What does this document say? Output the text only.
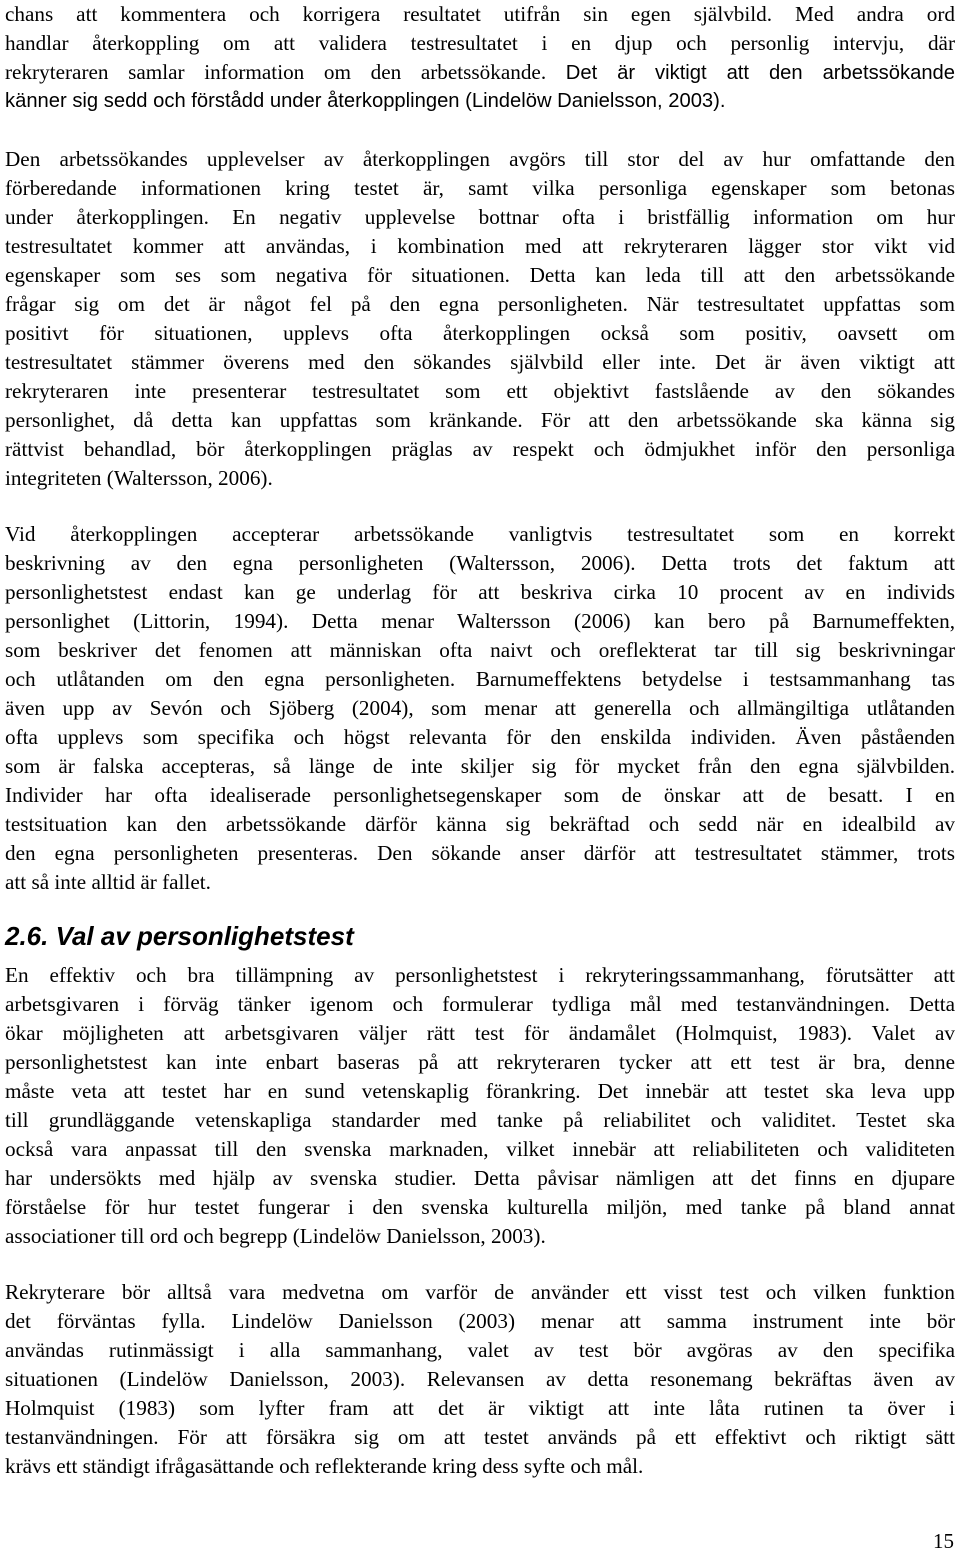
chans att kommentera och korrigera resultatet utifrån sin egen självbild. Med andra ord
handlar återkoppling om att validera testresultatet i en djup och personlig intervju, där
rekryteraren samlar information om den arbetssökande. Det är viktigt att den arbetssökande
känner sig sedd och förstådd under återkopplingen (Lindelöw Danielsson, 2003).
Den arbetssökandes upplevelser av återkopplingen avgörs till stor del av hur omfattande den
förberedande informationen kring testet är, samt vilka personliga egenskaper som betonas
under återkopplingen. En negativ upplevelse bottnar ofta i bristfällig information om hur
testresultatet kommer att användas, i kombination med att rekryteraren lägger stor vikt vid
egenskaper som ses som negativa för situationen. Detta kan leda till att den arbetssökande
frågar sig om det är något fel på den egna personligheten. När testresultatet uppfattas som
positivt för situationen, upplevs ofta återkopplingen också som positiv, oavsett om
testresultatet stämmer överens med den sökandes självbild eller inte. Det är även viktigt att
rekryteraren inte presenterar testresultatet som ett objektivt fastslående av den sökandes
personlighet, då detta kan uppfattas som kränkande. För att den arbetssökande ska känna sig
rättvist behandlad, bör återkopplingen präglas av respekt och ödmjukhet inför den personliga
integriteten (Waltersson, 2006).
Vid återkopplingen accepterar arbetssökande vanligtvis testresultatet som en korrekt
beskrivning av den egna personligheten (Waltersson, 2006). Detta trots det faktum att
personlighetstest endast kan ge underlag för att beskriva cirka 10 procent av en individs
personlighet (Littorin, 1994). Detta menar Waltersson (2006) kan bero på Barnumeffekten,
som beskriver det fenomen att människan ofta naivt och oreflekterat tar till sig beskrivningar
och utlåtanden om den egna personligheten. Barnumeffektens betydelse i testsammanhang tas
även upp av Sevón och Sjöberg (2004), som menar att generella och allmängiltiga utlåtanden
ofta upplevs som specifika och högst relevanta för den enskilda individen. Även påståenden
som är falska accepteras, så länge de inte skiljer sig för mycket från den egna självbilden.
Individer har ofta idealiserade personlighetsegenskaper som de önskar att de besatt. I en
testsituation kan den arbetssökande därför känna sig bekräftad och sedd när en idealbild av
den egna personligheten presenteras. Den sökande anser därför att testresultatet stämmer, trots
att så inte alltid är fallet.
2.6. Val av personlighetstest
En effektiv och bra tillämpning av personlighetstest i rekryteringssammanhang, förutsätter att
arbetsgivaren i förväg tänker igenom och formulerar tydliga mål med testanvändningen. Detta
ökar möjligheten att arbetsgivaren väljer rätt test för ändamålet (Holmquist, 1983). Valet av
personlighetstest kan inte enbart baseras på att rekryteraren tycker att ett test är bra, denne
måste veta att testet har en sund vetenskaplig förankring. Det innebär att testet ska leva upp
till grundläggande vetenskapliga standarder med tanke på reliabilitet och validitet. Testet ska
också vara anpassat till den svenska marknaden, vilket innebär att reliabiliteten och validiteten
har undersökts med hjälp av svenska studier. Detta påvisar nämligen att det finns en djupare
förståelse för hur testet fungerar i den svenska kulturella miljön, med tanke på bland annat
associationer till ord och begrepp (Lindelöw Danielsson, 2003).
Rekryterare bör alltså vara medvetna om varför de använder ett visst test och vilken funktion
det förväntas fylla. Lindelöw Danielsson (2003) menar att samma instrument inte bör
användas rutinmässigt i alla sammanhang, valet av test bör avgöras av den specifika
situationen (Lindelöw Danielsson, 2003). Relevansen av detta resonemang bekräftas även av
Holmquist (1983) som lyfter fram att det är viktigt att inte låta rutinen ta över i
testanvändningen. För att försäkra sig om att testet används på ett effektivt och riktigt sätt
krävs ett ständigt ifrågasättande och reflekterande kring dess syfte och mål.
15
